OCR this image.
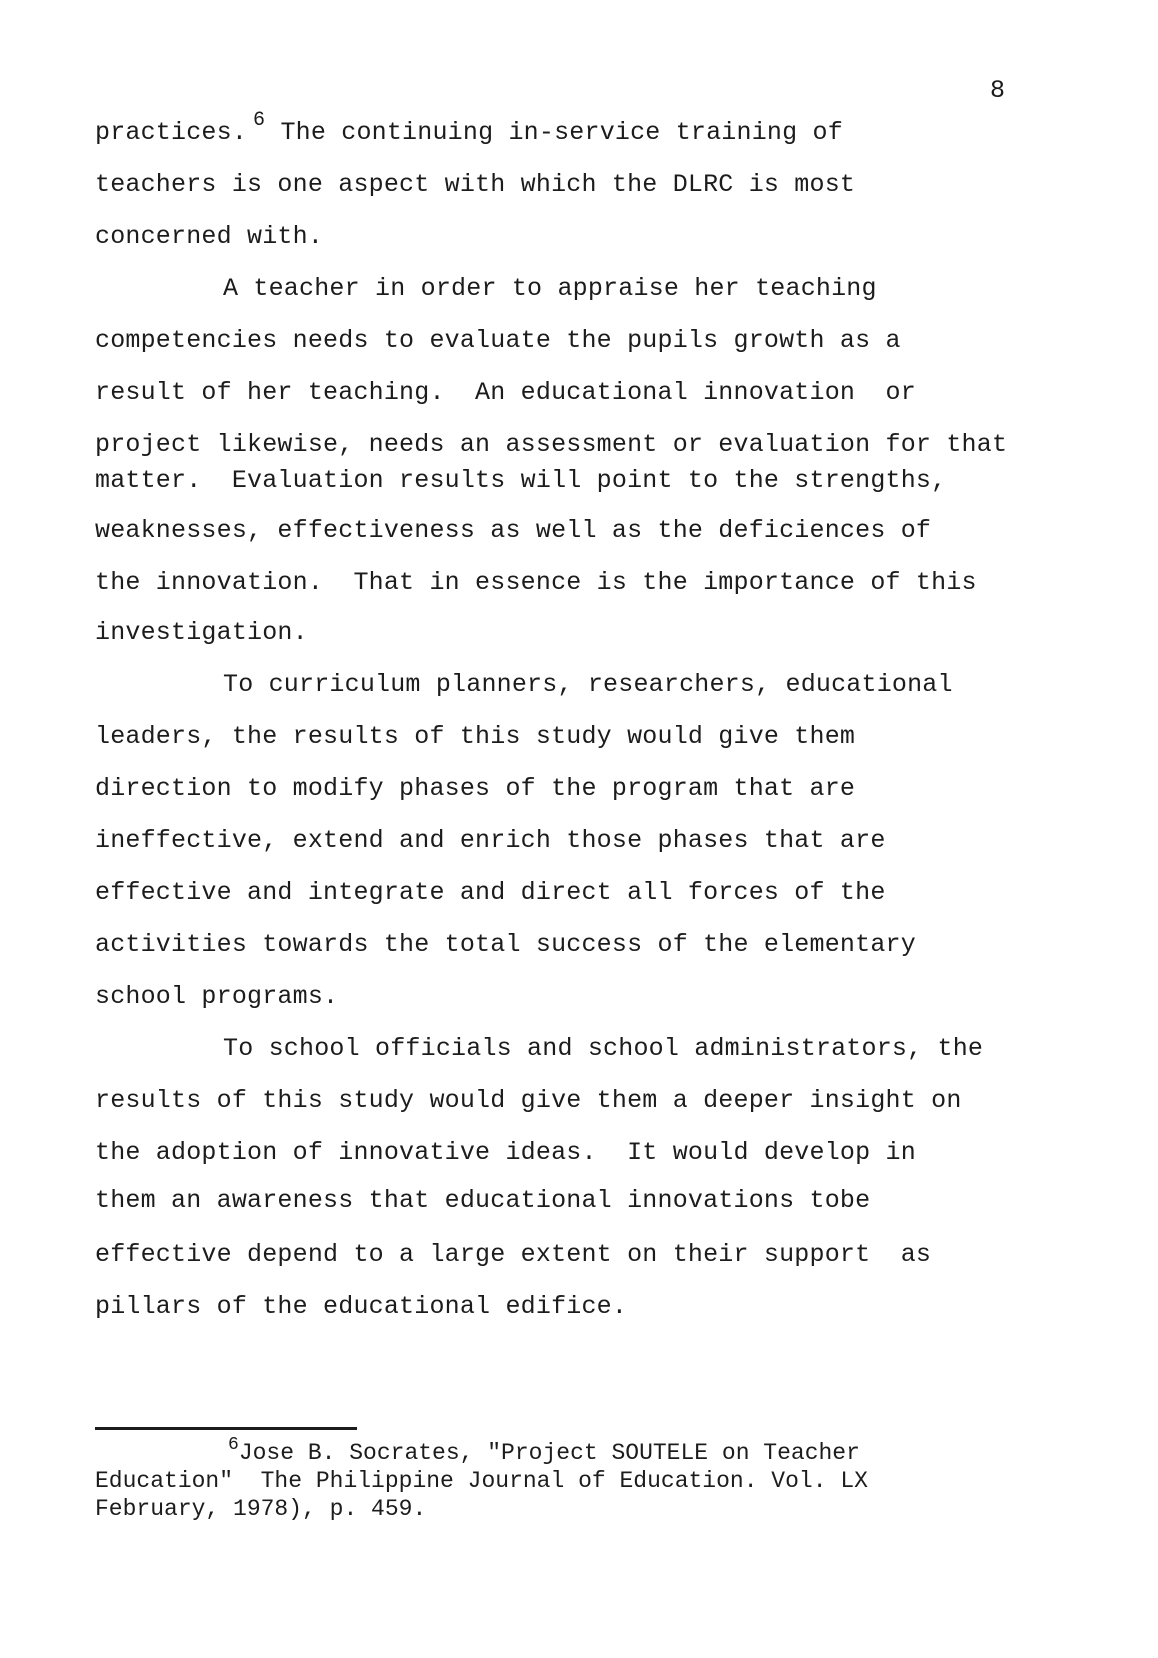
8
practices. $^6$ The continuing in-service training of
teachers is one aspect with which the DLRC is most
concerned with.
A teacher in order to appraise her teaching
competencies needs to evaluate the pupils growth as a
result of her teaching.  An educational innovation  or
project likewise, needs an assessment or evaluation for that
matter.  Evaluation results will point to the strengths,
weaknesses, effectiveness as well as the deficiences of
the innovation.  That in essence is the importance of this
investigation.
To curriculum planners, researchers, educational
leaders, the results of this study would give them
direction to modify phases of the program that are
ineffective, extend and enrich those phases that are
effective and integrate and direct all forces of the
activities towards the total success of the elementary
school programs.
To school officials and school administrators, the
results of this study would give them a deeper insight on
the adoption of innovative ideas.  It would develop in
them an awareness that educational innovations tobe
effective depend to a large extent on their support  as
pillars of the educational edifice.
$^6$Jose B. Socrates, "Project SOUTELE on Teacher
Education"  The Philippine Journal of Education. Vol. LX
February, 1978), p. 459.
